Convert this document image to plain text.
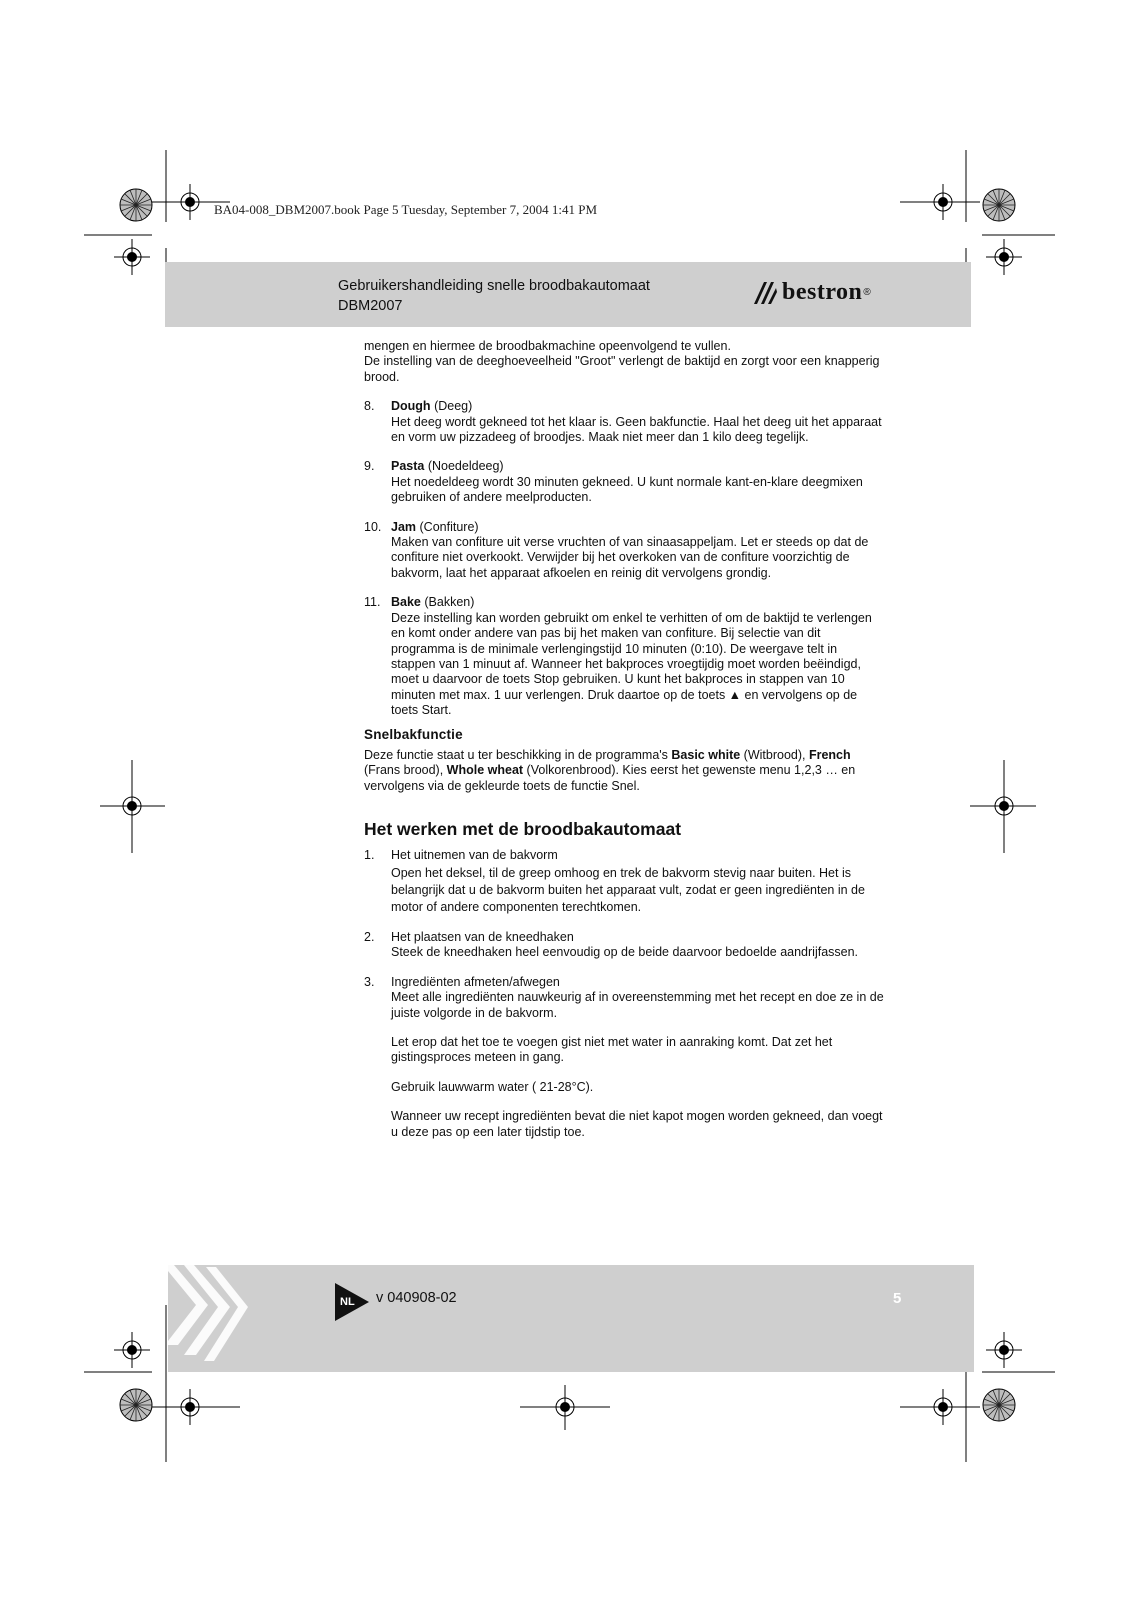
BA04-008_DBM2007.book Page 5 Tuesday, September 7, 2004 1:41 PM
Gebruikershandleiding snelle broodbakautomaat
DBM2007
bestron ®

mengen en hiermee de broodbakmachine opeenvolgend te vullen.

De instelling van de deeghoeveelheid "Groot" verlengt de baktijd en zorgt voor een knapperig brood.

8. Dough (Deeg)
Het deeg wordt gekneed tot het klaar is. Geen bakfunctie. Haal het deeg uit het apparaat en vorm uw pizzadeeg of broodjes. Maak niet meer dan 1 kilo deeg tegelijk.
9. Pasta (Noedeldeeg)
Het noedeldeeg wordt 30 minuten gekneed. U kunt normale kant-en-klare deegmixen gebruiken of andere meelproducten.
10. Jam (Confiture)
Maken van confiture uit verse vruchten of van sinaasappeljam. Let er steeds op dat de confiture niet overkookt. Verwijder bij het overkoken van de confiture voorzichtig de bakvorm, laat het apparaat afkoelen en reinig dit vervolgens grondig.
11. Bake (Bakken)
Deze instelling kan worden gebruikt om enkel te verhitten of om de baktijd te verlengen en komt onder andere van pas bij het maken van confiture. Bij selectie van dit programma is de minimale verlengingstijd 10 minuten (0:10). De weergave telt in stappen van 1 minuut af. Wanneer het bakproces vroegtijdig moet worden beëindigd, moet u daarvoor de toets Stop gebruiken. U kunt het bakproces in stappen van 10 minuten met max. 1 uur verlengen. Druk daartoe op de toets ▲ en vervolgens op de toets Start.
Snelbakfunctie

Deze functie staat u ter beschikking in de programma's Basic white (Witbrood), French (Frans brood), Whole wheat (Volkorenbrood). Kies eerst het gewenste menu 1,2,3 … en vervolgens via de gekleurde toets de functie Snel.

Het werken met de broodbakautomaat
1. Het uitnemen van de bakvorm
Open het deksel, til de greep omhoog en trek de bakvorm stevig naar buiten. Het is belangrijk dat u de bakvorm buiten het apparaat vult, zodat er geen ingrediënten in de motor of andere componenten terechtkomen.
2. Het plaatsen van de kneedhaken
Steek de kneedhaken heel eenvoudig op de beide daarvoor bedoelde aandrijfassen.
3. Ingrediënten afmeten/afwegen
Meet alle ingrediënten nauwkeurig af in overeenstemming met het recept en doe ze in de juiste volgorde in de bakvorm.
Let erop dat het toe te voegen gist niet met water in aanraking komt. Dat zet het gistingsproces meteen in gang.
Gebruik lauwwarm water ( 21-28°C).
Wanneer uw recept ingrediënten bevat die niet kapot mogen worden gekneed, dan voegt u deze pas op een later tijdstip toe.
NL v 040908-02	5
